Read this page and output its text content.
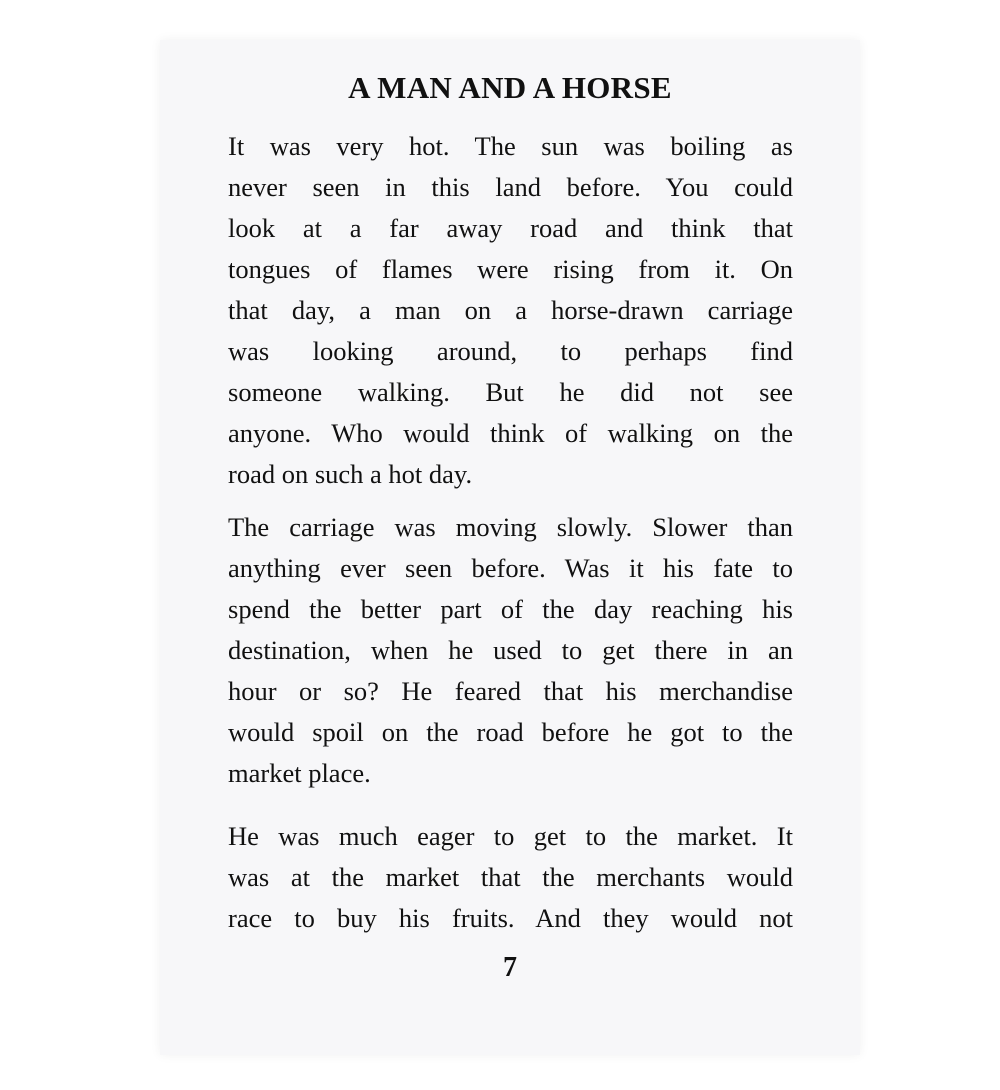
A MAN AND A HORSE
It was very hot. The sun was boiling as
never seen in this land before. You could
look at a far away road and think that
tongues of flames were rising from it. On
that day, a man on a horse-drawn carriage
was looking around, to perhaps find
someone walking. But he did not see
anyone. Who would think of walking on the
road on such a hot day.
The carriage was moving slowly. Slower than
anything ever seen before. Was it his fate to
spend the better part of the day reaching his
destination, when he used to get there in an
hour or so? He feared that his merchandise
would spoil on the road before he got to the
market place.
He was much eager to get to the market. It
was at the market that the merchants would
race to buy his fruits. And they would not
7
